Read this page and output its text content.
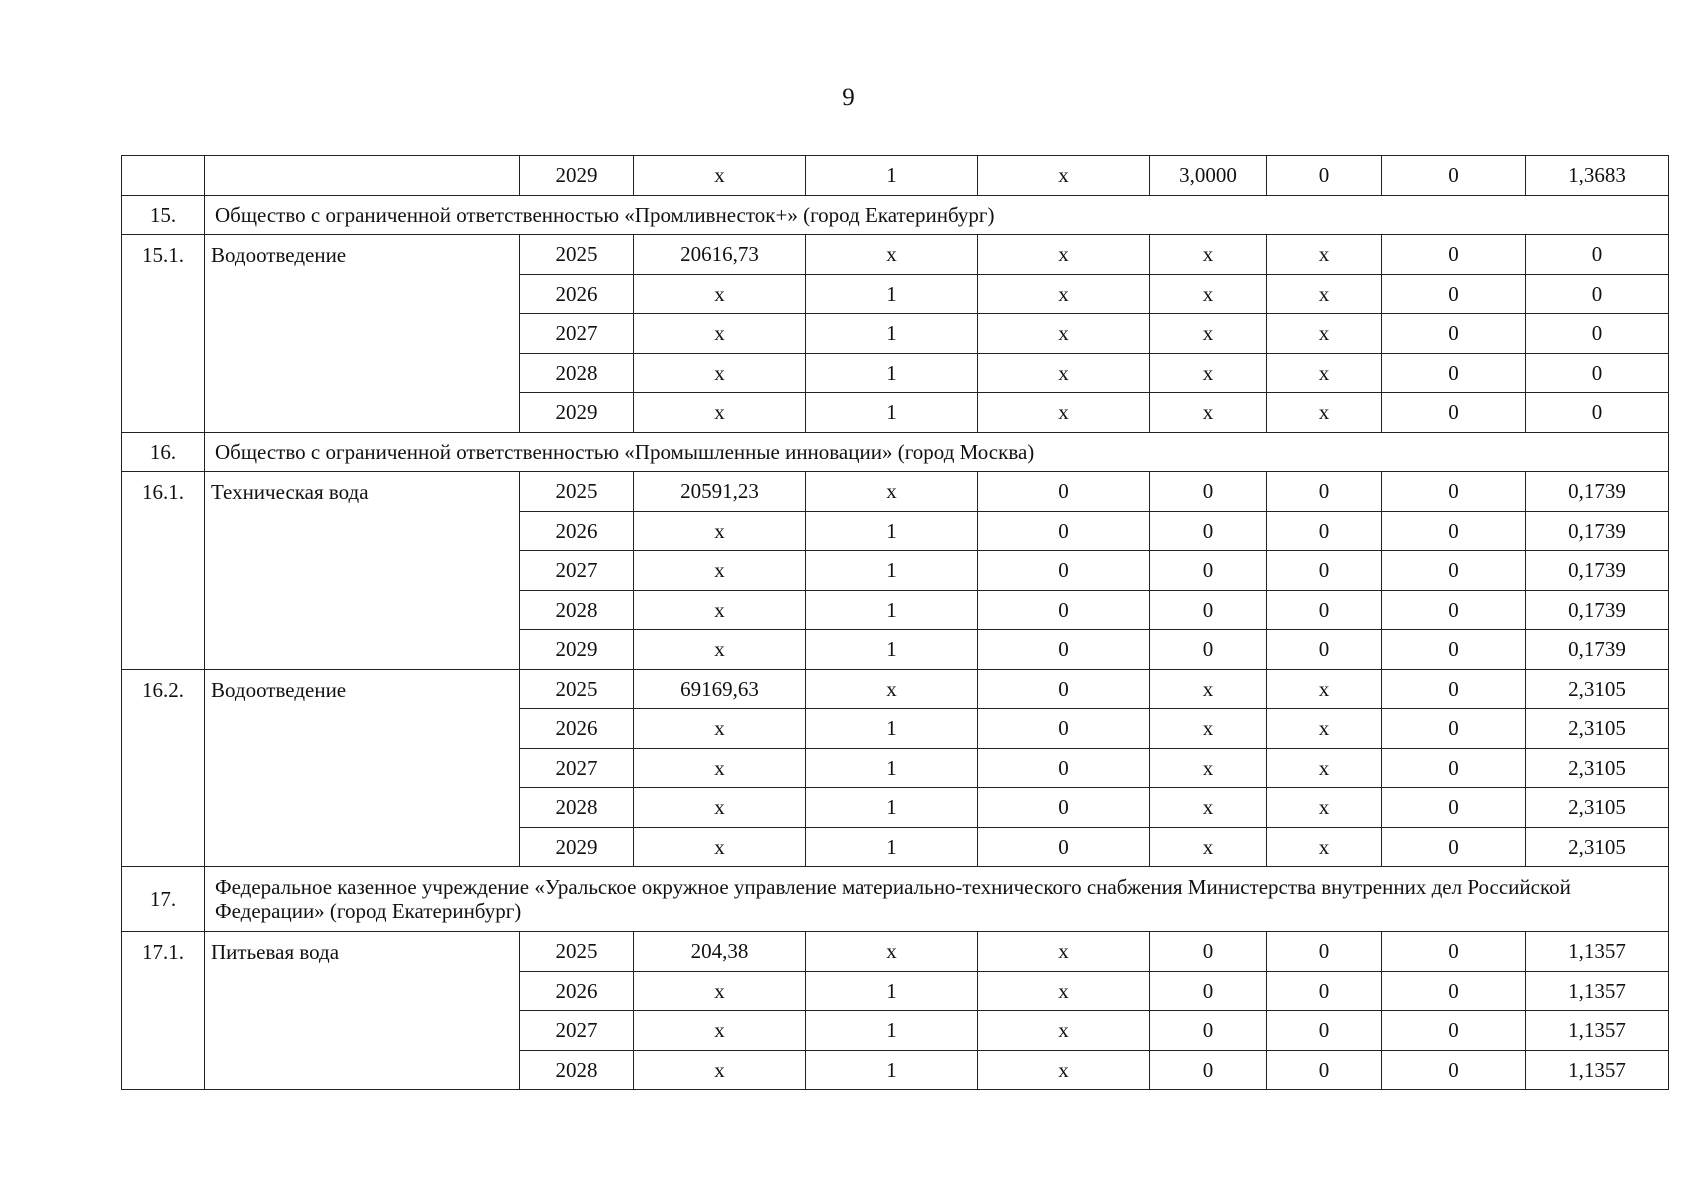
9
		2029	x	1	x	3,0000	0	0	1,3683
15.	Общество с ограниченной ответственностью «Промливнесток+» (город Екатеринбург)								
15.1.	Водоотведение	2025	20616,73	x	x	x	x	0	0
		2026	x	1	x	x	x	0	0
		2027	x	1	x	x	x	0	0
		2028	x	1	x	x	x	0	0
		2029	x	1	x	x	x	0	0
16.	Общество с ограниченной ответственностью «Промышленные инновации» (город Москва)								
16.1.	Техническая вода	2025	20591,23	x	0	0	0	0	0,1739
		2026	x	1	0	0	0	0	0,1739
		2027	x	1	0	0	0	0	0,1739
		2028	x	1	0	0	0	0	0,1739
		2029	x	1	0	0	0	0	0,1739
16.2.	Водоотведение	2025	69169,63	x	0	x	x	0	2,3105
		2026	x	1	0	x	x	0	2,3105
		2027	x	1	0	x	x	0	2,3105
		2028	x	1	0	x	x	0	2,3105
		2029	x	1	0	x	x	0	2,3105
17.	Федеральное казенное учреждение «Уральское окружное управление материально-технического снабжения Министерства внутренних дел Российской Федерации» (город Екатеринбург)								
17.1.	Питьевая вода	2025	204,38	x	x	0	0	0	1,1357
		2026	x	1	x	0	0	0	1,1357
		2027	x	1	x	0	0	0	1,1357
		2028	x	1	x	0	0	0	1,1357
